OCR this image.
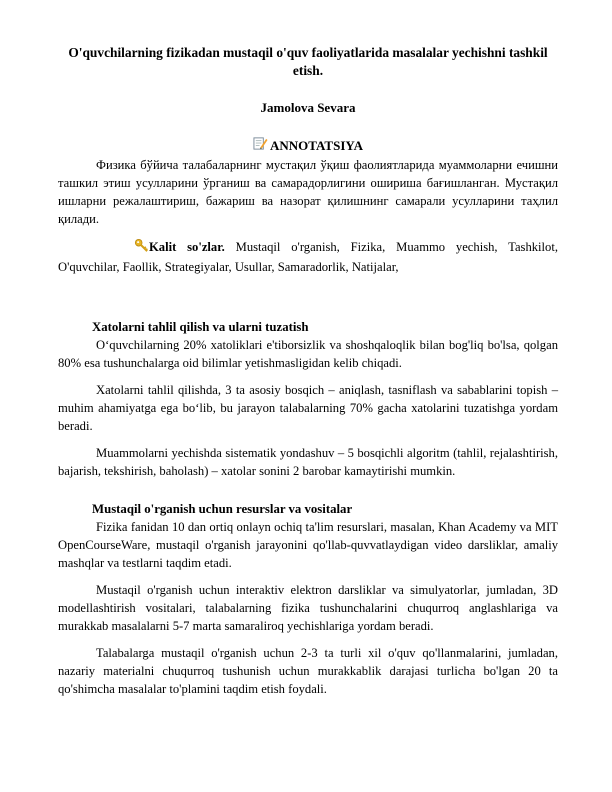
O'quvchilarning fizikadan mustaqil o'quv faoliyatlarida masalalar yechishni tashkil etish.
Jamolova Sevara
ANNOTATSIYA

Физика бўйича талабаларнинг мустақил ўқиш фаолиятларида муаммоларни ечишни ташкил этиш усулларини ўрганиш ва самарадорлигини ошириша бағишланган. Мустақил ишларни режалаштириш, бажариш ва назорат қилишнинг самарали усулларини таҳлил қилади.

Kalit so'zlar. Mustaqil o'rganish, Fizika, Muammo yechish, Tashkilot, O'quvchilar, Faollik, Strategiyalar, Usullar, Samaradorlik, Natijalar,
Xatolarni tahlil qilish va ularni tuzatish

O‘quvchilarning 20% xatoliklari e'tiborsizlik va shoshqaloqlik bilan bog'liq bo'lsa, qolgan 80% esa tushunchalarga oid bilimlar yetishmasligidan kelib chiqadi.

Xatolarni tahlil qilishda, 3 ta asosiy bosqich – aniqlash, tasniflash va sabablarini topish – muhim ahamiyatga ega bo‘lib, bu jarayon talabalarning 70% gacha xatolarini tuzatishga yordam beradi.

Muammolarni yechishda sistematik yondashuv – 5 bosqichli algoritm (tahlil, rejalashtirish, bajarish, tekshirish, baholash) – xatolar sonini 2 barobar kamaytirishi mumkin.

Mustaqil o'rganish uchun resurslar va vositalar

Fizika fanidan 10 dan ortiq onlayn ochiq ta'lim resurslari, masalan, Khan Academy va MIT OpenCourseWare, mustaqil o'rganish jarayonini qo'llab-quvvatlaydigan video darsliklar, amaliy mashqlar va testlarni taqdim etadi.

Mustaqil o'rganish uchun interaktiv elektron darsliklar va simulyatorlar, jumladan, 3D modellashtirish vositalari, talabalarning fizika tushunchalarini chuqurroq anglashlariga va murakkab masalalarni 5-7 marta samaraliroq yechishlariga yordam beradi.

Talabalarga mustaqil o'rganish uchun 2-3 ta turli xil o'quv qo'llanmalarini, jumladan, nazariy materialni chuqurroq tushunish uchun murakkablik darajasi turlicha bo'lgan 20 ta qo'shimcha masalalar to'plamini taqdim etish foydali.
